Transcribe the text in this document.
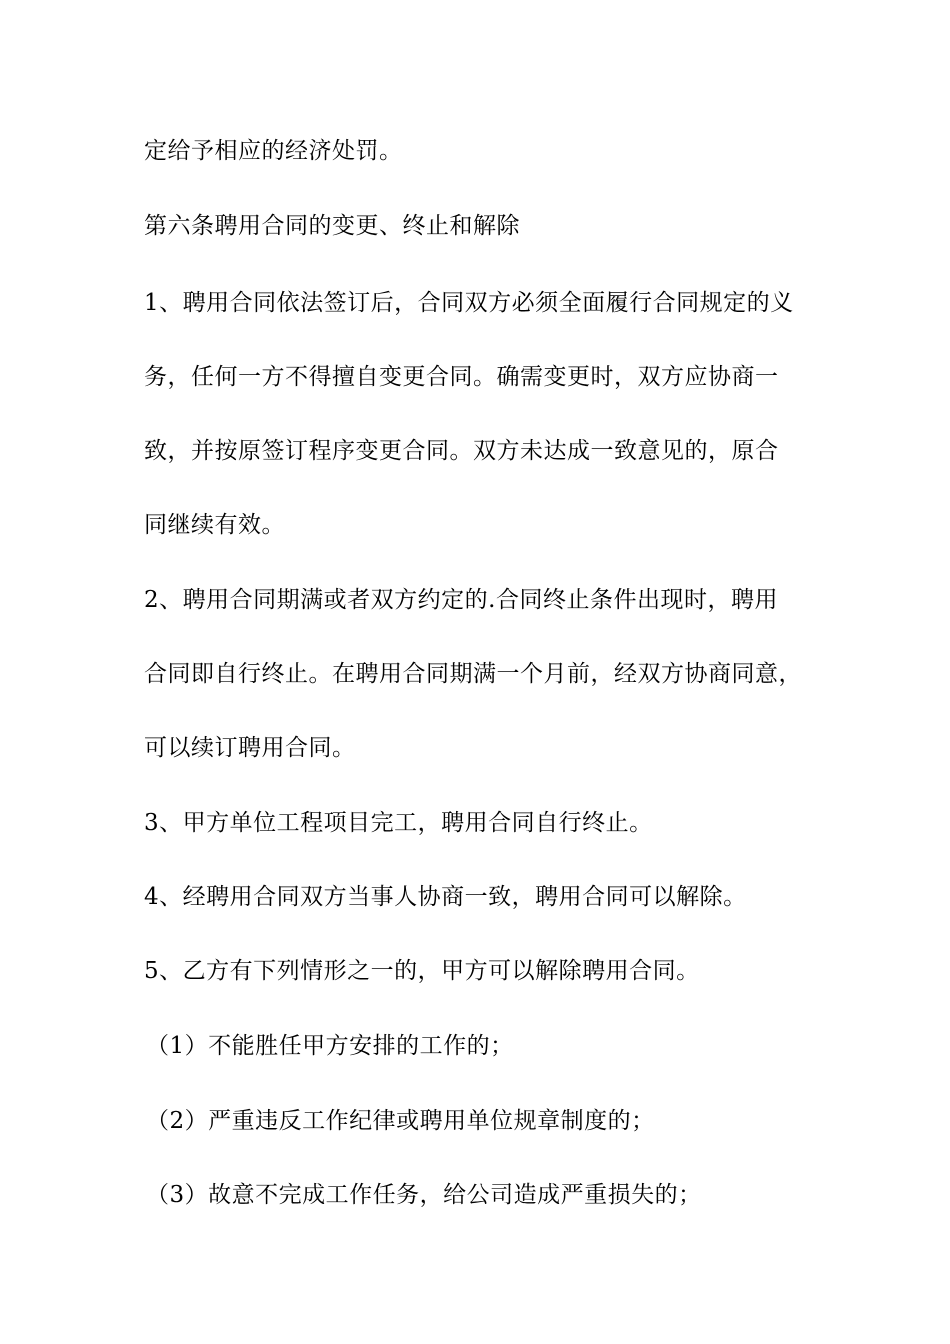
定给予相应的经济处罚。
第六条聘用合同的变更、终止和解除
1、聘用合同依法签订后，合同双方必须全面履行合同规定的义
务，任何一方不得擅自变更合同。确需变更时，双方应协商一
致，并按原签订程序变更合同。双方未达成一致意见的，原合
同继续有效。
2、聘用合同期满或者双方约定的.合同终止条件出现时，聘用
合同即自行终止。在聘用合同期满一个月前，经双方协商同意，
可以续订聘用合同。
3、甲方单位工程项目完工，聘用合同自行终止。
4、经聘用合同双方当事人协商一致，聘用合同可以解除。
5、乙方有下列情形之一的，甲方可以解除聘用合同。
（1）不能胜任甲方安排的工作的；
（2）严重违反工作纪律或聘用单位规章制度的；
（3）故意不完成工作任务，给公司造成严重损失的；
